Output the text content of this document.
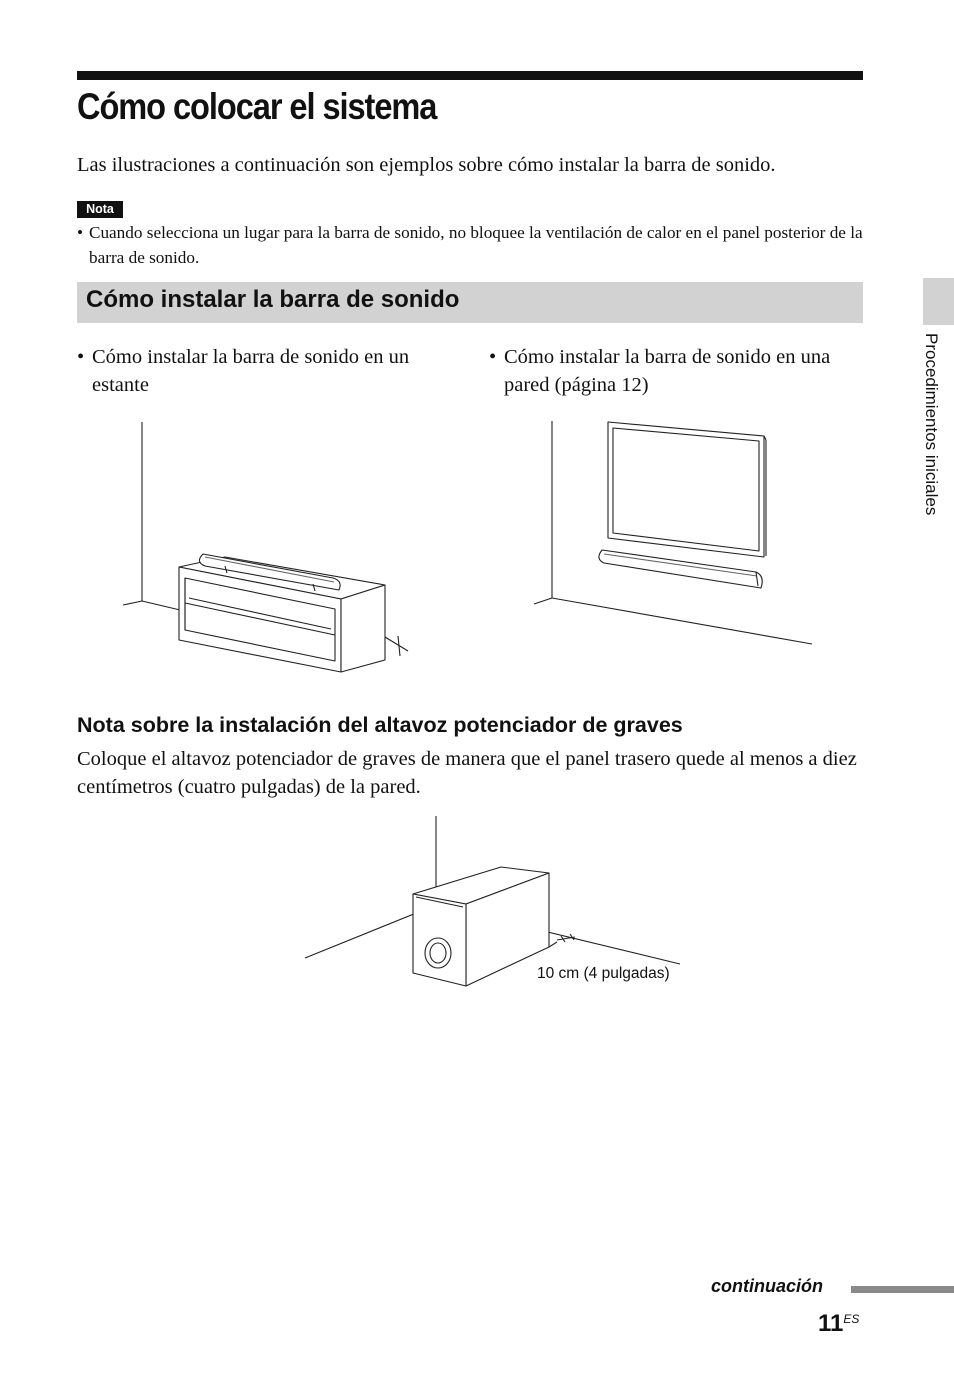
Cómo colocar el sistema
Las ilustraciones a continuación son ejemplos sobre cómo instalar la barra de sonido.
Nota
• Cuando selecciona un lugar para la barra de sonido, no bloquee la ventilación de calor en el panel posterior de la barra de sonido.
Cómo instalar la barra de sonido
• Cómo instalar la barra de sonido en un estante
• Cómo instalar la barra de sonido en una pared (página 12)
Nota sobre la instalación del altavoz potenciador de graves
Coloque el altavoz potenciador de graves de manera que el panel trasero quede al menos a diez centímetros (cuatro pulgadas) de la pared.
10 cm (4 pulgadas)
Procedimientos iniciales
continuación
$11^{ES}$
